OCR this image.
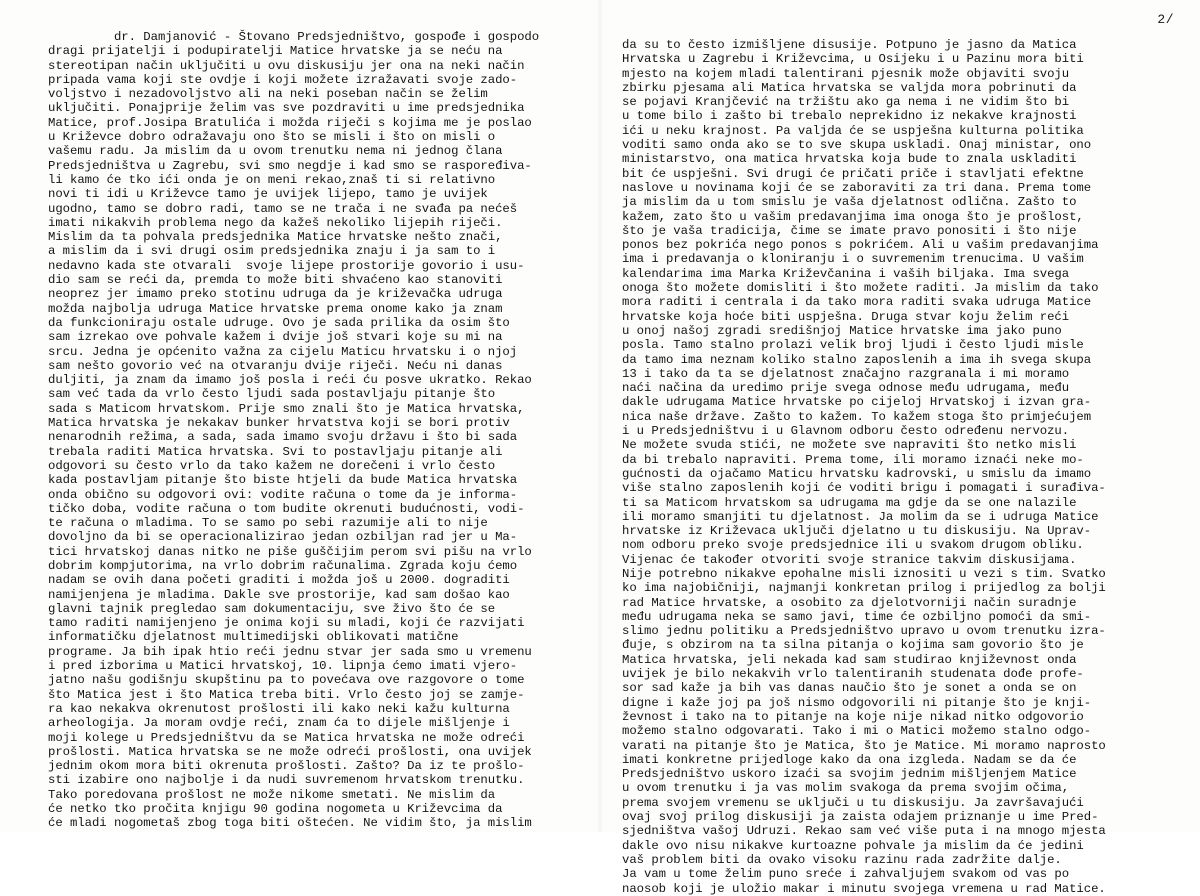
dr. Damjanović - Štovano Predsjedništvo, gospođe i gospodo
dragi prijatelji i podupiratelji Matice hrvatske ja se neću na
stereotipan način uključiti u ovu diskusiju jer ona na neki način
pripada vama koji ste ovdje i koji možete izražavati svoje zado-
voljstvo i nezadovoljstvo ali na neki poseban način se želim
uključiti. Ponajprije želim vas sve pozdraviti u ime predsjednika
Matice, prof.Josipa Bratulića i možda riječi s kojima me je poslao
u Križevce dobro odražavaju ono što se misli i što on misli o
vašemu radu. Ja mislim da u ovom trenutku nema ni jednog člana
Predsjedništva u Zagrebu, svi smo negdje i kad smo se raspoređiva-
li kamo će tko ići onda je on meni rekao,znaš ti si relativno
novi ti idi u Križevce tamo je uvijek lijepo, tamo je uvijek
ugodno, tamo se dobro radi, tamo se ne trača i ne svađa pa nećeš
imati nikakvih problema nego da kažeš nekoliko lijepih riječi.
Mislim da ta pohvala predsjednika Matice hrvatske nešto znači,
a mislim da i svi drugi osim predsjednika znaju i ja sam to i
nedavno kada ste otvarali  svoje lijepe prostorije govorio i usu-
dio sam se reći da, premda to može biti shvaćeno kao stanoviti
neoprez jer imamo preko stotinu udruga da je križevačka udruga
možda najbolja udruga Matice hrvatske prema onome kako ja znam
da funkcioniraju ostale udruge. Ovo je sada prilika da osim što
sam izrekao ove pohvale kažem i dvije još stvari koje su mi na
srcu. Jedna je općenito važna za cijelu Maticu hrvatsku i o njoj
sam nešto govorio već na otvaranju dvije riječi. Neću ni danas
duljiti, ja znam da imamo još posla i reći ću posve ukratko. Rekao
sam već tada da vrlo često ljudi sada postavljaju pitanje što
sada s Maticom hrvatskom. Prije smo znali što je Matica hrvatska,
Matica hrvatska je nekakav bunker hrvatstva koji se bori protiv
nenarodnih režima, a sada, sada imamo svoju državu i što bi sada
trebala raditi Matica hrvatska. Svi to postavljaju pitanje ali
odgovori su često vrlo da tako kažem ne dorečeni i vrlo često
kada postavljam pitanje što biste htjeli da bude Matica hrvatska
onda obično su odgovori ovi: vodite računa o tome da je informa-
tičko doba, vodite računa o tom budite okrenuti budućnosti, vodi-
te računa o mladima. To se samo po sebi razumije ali to nije
dovoljno da bi se operacionalizirao jedan ozbiljan rad jer u Ma-
tici hrvatskoj danas nitko ne piše guščijim perom svi pišu na vrlo
dobrim kompjutorima, na vrlo dobrim računalima. Zgrada koju ćemo
nadam se ovih dana početi graditi i možda još u 2000. dograditi
namijenjena je mladima. Dakle sve prostorije, kad sam došao kao
glavni tajnik pregledao sam dokumentaciju, sve živo što će se
tamo raditi namijenjeno je onima koji su mladi, koji će razvijati
informatičku djelatnost multimedijski oblikovati matične
programe. Ja bih ipak htio reći jednu stvar jer sada smo u vremenu
i pred izborima u Matici hrvatskoj, 10. lipnja ćemo imati vjero-
jatno našu godišnju skupštinu pa to povećava ove razgovore o tome
što Matica jest i što Matica treba biti. Vrlo često joj se zamje-
ra kao nekakva okrenutost prošlosti ili kako neki kažu kulturna
arheologija. Ja moram ovdje reći, znam ća to dijele mišljenje i
moji kolege u Predsjedništvu da se Matica hrvatska ne može odreći
prošlosti. Matica hrvatska se ne može odreći prošlosti, ona uvijek
jednim okom mora biti okrenuta prošlosti. Zašto? Da iz te prošlo-
sti izabire ono najbolje i da nudi suvremenom hrvatskom trenutku.
Tako poredovana prošlost ne može nikome smetati. Ne mislim da
će netko tko pročita knjigu 90 godina nogometa u Križevcima da
će mladi nogometaš zbog toga biti oštećen. Ne vidim što, ja mislim
2/
da su to često izmišljene disusije. Potpuno je jasno da Matica
Hrvatska u Zagrebu i Križevcima, u Osijeku i u Pazinu mora biti
mjesto na kojem mladi talentirani pjesnik može objaviti svoju
zbirku pjesama ali Matica hrvatska se valjda mora pobrinuti da
se pojavi Kranjčević na tržištu ako ga nema i ne vidim što bi
u tome bilo i zašto bi trebalo neprekidno iz nekakve krajnosti
ići u neku krajnost. Pa valjda će se uspješna kulturna politika
voditi samo onda ako se to sve skupa uskladi. Onaj ministar, ono
ministarstvo, ona matica hrvatska koja bude to znala uskladiti
bit će uspješni. Svi drugi će pričati priče i stavljati efektne
naslove u novinama koji će se zaboraviti za tri dana. Prema tome
ja mislim da u tom smislu je vaša djelatnost odlična. Zašto to
kažem, zato što u vašim predavanjima ima onoga što je prošlost,
što je vaša tradicija, čime se imate pravo ponositi i što nije
ponos bez pokrića nego ponos s pokrićem. Ali u vašim predavanjima
ima i predavanja o kloniranju i o suvremenim trenucima. U vašim
kalendarima ima Marka Križevčanina i vaših biljaka. Ima svega
onoga što možete domisliti i što možete raditi. Ja mislim da tako
mora raditi i centrala i da tako mora raditi svaka udruga Matice
hrvatske koja hoće biti uspješna. Druga stvar koju želim reći
u onoj našoj zgradi središnjoj Matice hrvatske ima jako puno
posla. Tamo stalno prolazi velik broj ljudi i često ljudi misle
da tamo ima neznam koliko stalno zaposlenih a ima ih svega skupa
13 i tako da ta se djelatnost značajno razgranala i mi moramo
naći načina da uredimo prije svega odnose među udrugama, među
dakle udrugama Matice hrvatske po cijeloj Hrvatskoj i izvan gra-
nica naše države. Zašto to kažem. To kažem stoga što primjećujem
i u Predsjedništvu i u Glavnom odboru često određenu nervozu.
Ne možete svuda stići, ne možete sve napraviti što netko misli
da bi trebalo napraviti. Prema tome, ili moramo iznaći neke mo-
gućnosti da ojačamo Maticu hrvatsku kadrovski, u smislu da imamo
više stalno zaposlenih koji će voditi brigu i pomagati i surađiva-
ti sa Maticom hrvatskom sa udrugama ma gdje da se one nalazile
ili moramo smanjiti tu djelatnost. Ja molim da se i udruga Matice
hrvatske iz Križevaca uključi djelatno u tu diskusiju. Na Uprav-
nom odboru preko svoje predsjednice ili u svakom drugom obliku.
Vijenac će također otvoriti svoje stranice takvim diskusijama.
Nije potrebno nikakve epohalne misli iznositi u vezi s tim. Svatko
ko ima najobičniji, najmanji konkretan prilog i prijedlog za bolji
rad Matice hrvatske, a osobito za djelotvorniji način suradnje
među udrugama neka se samo javi, time će ozbiljno pomoći da smi-
slimo jednu politiku a Predsjedništvo upravo u ovom trenutku izra-
đuje, s obzirom na ta silna pitanja o kojima sam govorio što je
Matica hrvatska, jeli nekada kad sam studirao književnost onda
uvijek je bilo nekakvih vrlo talentiranih studenata dođe profe-
sor sad kaže ja bih vas danas naučio što je sonet a onda se on
digne i kaže joj pa još nismo odgovorili ni pitanje što je knji-
ževnost i tako na to pitanje na koje nije nikad nitko odgovorio
možemo stalno odgovarati. Tako i mi o Matici možemo stalno odgo-
varati na pitanje što je Matica, što je Matice. Mi moramo naprosto
imati konkretne prijedloge kako da ona izgleda. Nadam se da će
Predsjedništvo uskoro izaći sa svojim jednim mišljenjem Matice
u ovom trenutku i ja vas molim svakoga da prema svojim očima,
prema svojem vremenu se uključi u tu diskusiju. Ja završavajući
ovaj svoj prilog diskusiji ja zaista odajem priznanje u ime Pred-
sjedništva vašoj Udruzi. Rekao sam već više puta i na mnogo mjesta
dakle ovo nisu nikakve kurtoazne pohvale ja mislim da će jedini
vaš problem biti da ovako visoku razinu rada zadržite dalje.
Ja vam u tome želim puno sreće i zahvaljujem svakom od vas po
naosob koji je uložio makar i minutu svojega vremena u rad Matice.
